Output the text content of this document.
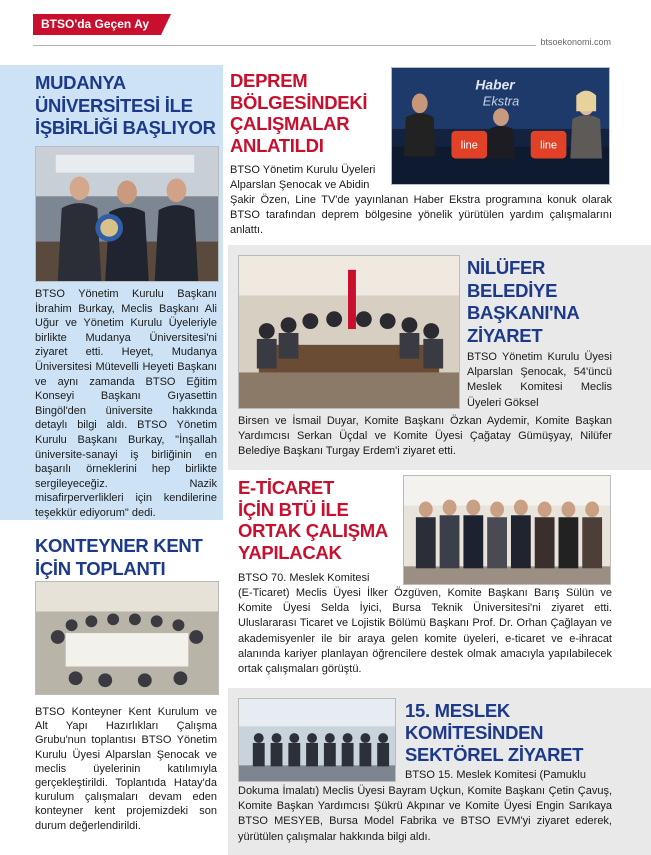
BTSO'da Geçen Ay
btsoekonomi.com
MUDANYA
ÜNİVERSİTESİ İLE
İŞBİRLİĞİ BAŞLIYOR
BTSO Yönetim Kurulu Başkanı İbrahim Burkay, Meclis Başkanı Ali Uğur ve Yönetim Kurulu Üyeleriyle birlikte Mudanya Üniversitesi'ni ziyaret etti. Heyet, Mudanya Üniversitesi Mütevelli Heyeti Başkanı ve aynı zamanda BTSO Eğitim Konseyi Başkanı Gıyasettin Bingöl'den üniversite hakkında detaylı bilgi aldı. BTSO Yönetim Kurulu Başkanı Burkay, "İnşallah üniversite-sanayi iş birliğinin en başarılı örneklerini hep birlikte sergileyeceğiz. Nazik misafirperverlikleri için kendilerine teşekkür ediyorum" dedi.
KONTEYNER KENT
İÇİN TOPLANTI
BTSO Konteyner Kent Kurulum ve Alt Yapı Hazırlıkları Çalışma Grubu'nun toplantısı BTSO Yönetim Kurulu Üyesi Alparslan Şenocak ve meclis üyelerinin katılımıyla gerçekleştirildi. Toplantıda Hatay'da kurulum çalışmaları devam eden konteyner kent projemizdeki son durum değerlendirildi.
DEPREM
BÖLGESİNDEKİ
ÇALIŞMALAR
ANLATILDI
Haber
Ekstra
line	line
BTSO Yönetim Kurulu Üyeleri
Alparslan Şenocak ve Abidin
Şakir Özen, Line TV'de yayınlanan Haber Ekstra programına konuk olarak BTSO tarafından deprem bölgesine yönelik yürütülen yardım çalışmalarını anlattı.
NİLÜFER
BELEDİYE
BAŞKANI'NA
ZİYARET
BTSO Yönetim Kurulu Üyesi Alparslan Şenocak, 54'üncü Meslek Komitesi Meclis Üyeleri Göksel
Birsen ve İsmail Duyar, Komite Başkanı Özkan Aydemir, Komite Başkan Yardımcısı Serkan Üçdal ve Komite Üyesi Çağatay Gümüşyay, Nilüfer Belediye Başkanı Turgay Erdem'i ziyaret etti.
E-TİCARET
İÇİN BTÜ İLE
ORTAK ÇALIŞMA
YAPILACAK
BTSO 70. Meslek Komitesi
(E-Ticaret) Meclis Üyesi İlker Özgüven, Komite Başkanı Barış Sülün ve Komite Üyesi Selda İyici, Bursa Teknik Üniversitesi'ni ziyaret etti. Uluslararası Ticaret ve Lojistik Bölümü Başkanı Prof. Dr. Orhan Çağlayan ve akademisyenler ile bir araya gelen komite üyeleri, e-ticaret ve e-ihracat alanında kariyer planlayan öğrencilere destek olmak amacıyla yapılabilecek ortak çalışmaları görüştü.
15. MESLEK
KOMİTESİNDEN
SEKTÖREL ZİYARET
BTSO 15. Meslek Komitesi (Pamuklu
Dokuma İmalatı) Meclis Üyesi Bayram Uçkun, Komite Başkanı Çetin Çavuş, Komite Başkan Yardımcısı Şükrü Akpınar ve Komite Üyesi Engin Sarıkaya BTSO MESYEB, Bursa Model Fabrika ve BTSO EVM'yi ziyaret ederek, yürütülen çalışmalar hakkında bilgi aldı.
